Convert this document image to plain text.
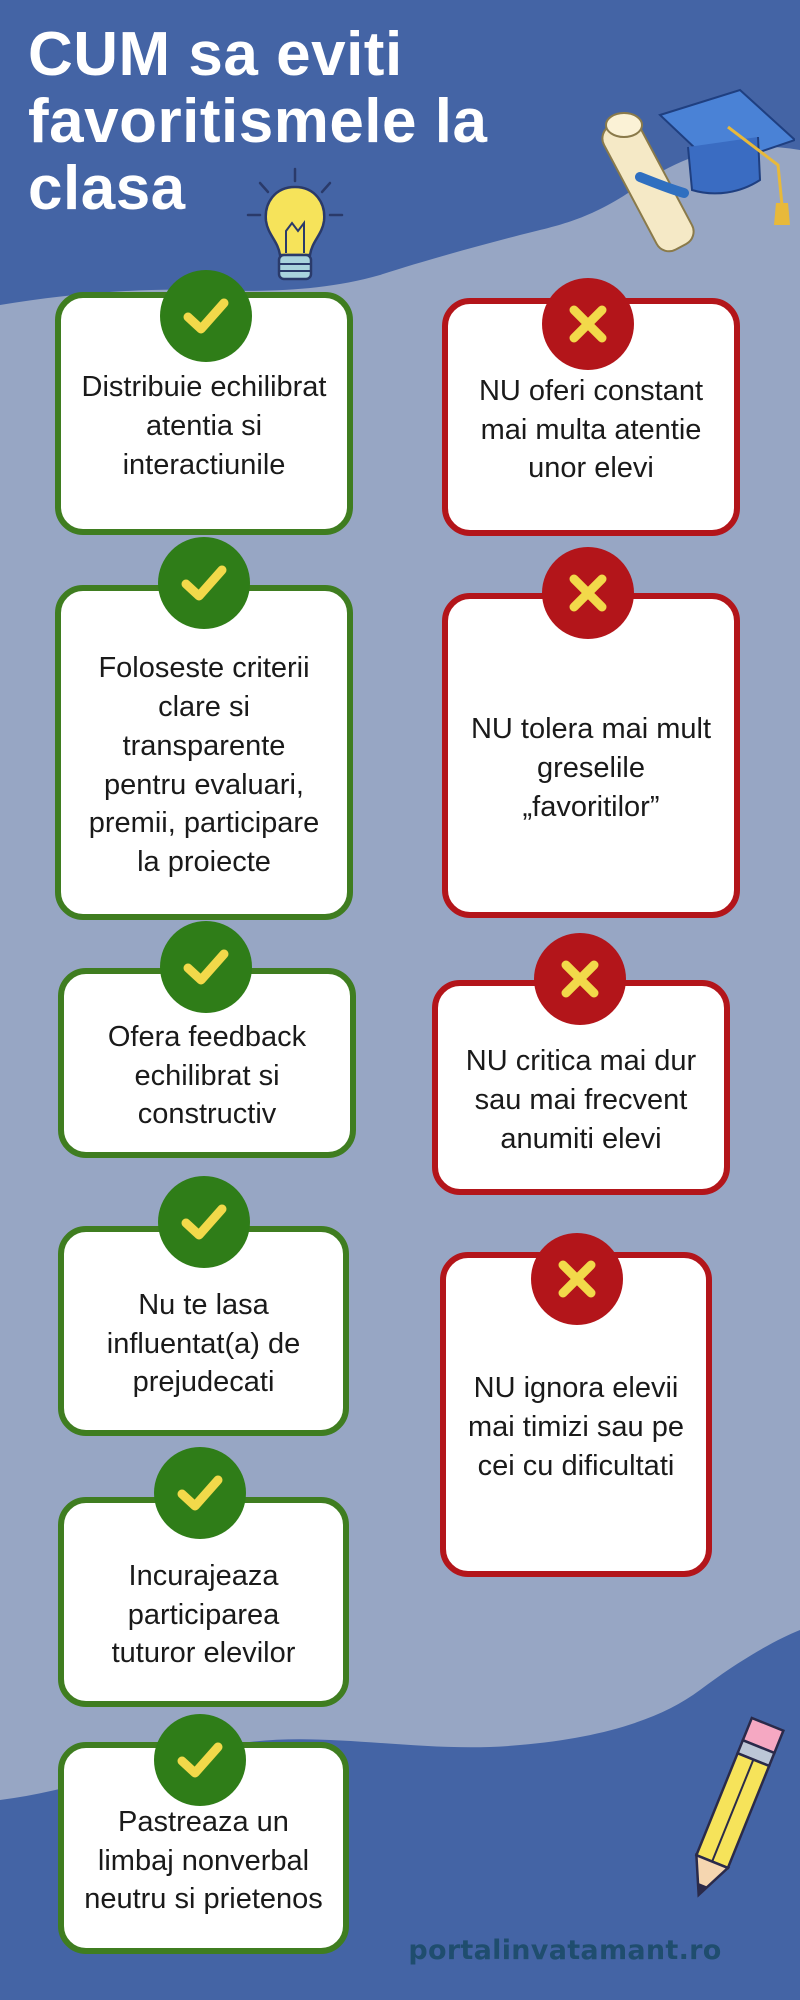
CUM sa eviti
favoritismele la
clasa
Distribuie echilibrat atentia si interactiunile
Foloseste criterii clare si transparente pentru evaluari, premii, participare la proiecte
Ofera feedback echilibrat si constructiv
Nu te lasa influentat(a) de prejudecati
Incurajeaza participarea tuturor elevilor
Pastreaza un limbaj nonverbal neutru si prietenos
NU oferi constant mai multa atentie unor elevi
NU tolera mai mult greselile „favoritilor”
NU critica mai dur sau mai frecvent anumiti elevi
NU ignora elevii mai timizi sau pe cei cu dificultati
portalinvatamant.ro
